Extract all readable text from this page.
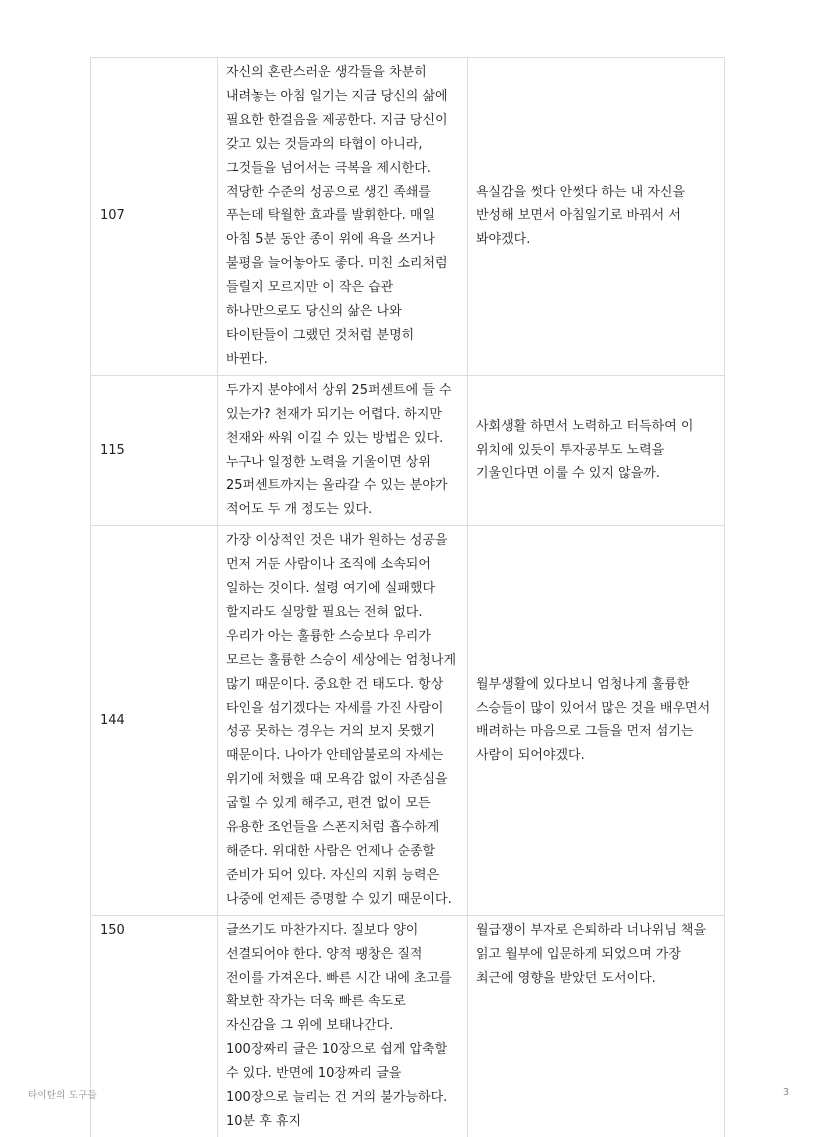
107	자신의 혼란스러운 생각들을 차분히 내려놓는 아침 일기는 지금 당신의 삶에 필요한 한걸음을 제공한다. 지금 당신이 갖고 있는 것들과의 타협이 아니라, 그것들을 넘어서는 극복을 제시한다. 적당한 수준의 성공으로 생긴 족쇄를 푸는데 탁월한 효과를 발휘한다. 매일 아침 5분 동안 종이 위에 욕을 쓰거나 불평을 늘어놓아도 좋다. 미친 소리처럼 들릴지 모르지만 이 작은 습관 하나만으로도 당신의 삶은 나와 타이탄들이 그랬던 것처럼 분명히 바뀐다.	욕실감을 썻다 안썻다 하는 내 자신을 반성해 보면서 아침일기로 바꿔서 서 봐야겠다.
115	두가지 분야에서 상위 25퍼센트에 들 수 있는가? 천재가 되기는 어렵다. 하지만 천재와 싸워 이길 수 있는 방법은 있다. 누구나 일정한 노력을 기울이면 상위 25퍼센트까지는 올라갈 수 있는 분야가 적어도 두 개 정도는 있다.	사회생활 하면서 노력하고 터득하여 이 위치에 있듯이 투자공부도 노력을 기울인다면 이룰 수 있지 않을까.
144	가장 이상적인 것은 내가 원하는 성공을 먼저 거둔 사람이나 조직에 소속되어 일하는 것이다. 설령 여기에 실패했다 할지라도 실망할 필요는 전혀 없다. 우리가 아는 훌륭한 스승보다 우리가 모르는 훌륭한 스승이 세상에는 엄청나게 많기 때문이다. 중요한 건 태도다. 항상 타인을 섬기겠다는 자세를 가진 사람이 성공 못하는 경우는 거의 보지 못했기 때문이다. 나아가 안테암불로의 자세는 위기에 처했을 때 모욕감 없이 자존심을 굽힐 수 있게 해주고, 편견 없이 모든 유용한 조언들을 스폰지처럼 흡수하게 해준다. 위대한 사람은 언제나 순종할 준비가 되어 있다. 자신의 지휘 능력은 나중에 언제든 증명할 수 있기 때문이다.	월부생활에 있다보니 엄청나게 훌륭한 스승들이 많이 있어서 많은 것을 배우면서 배려하는 마음으로 그들을 먼저 섬기는 사람이 되어야겠다.
150	글쓰기도 마찬가지다. 질보다 양이 선결되어야 한다. 양적 팽창은 질적 전이를 가져온다. 빠른 시간 내에 초고를 확보한 작가는 더욱 빠른 속도로 자신감을 그 위에 보태나간다. 100장짜리 글은 10장으로 쉽게 압축할 수 있다. 반면에 10장짜리 글을 100장으로 늘리는 건 거의 불가능하다. 10분 후 휴지	월급쟁이 부자로 은퇴하라 너나위님 책을 읽고 월부에 입문하게 되었으며 가장 최근에 영향을 받았던 도서이다.
타이탄의 도구들	3
